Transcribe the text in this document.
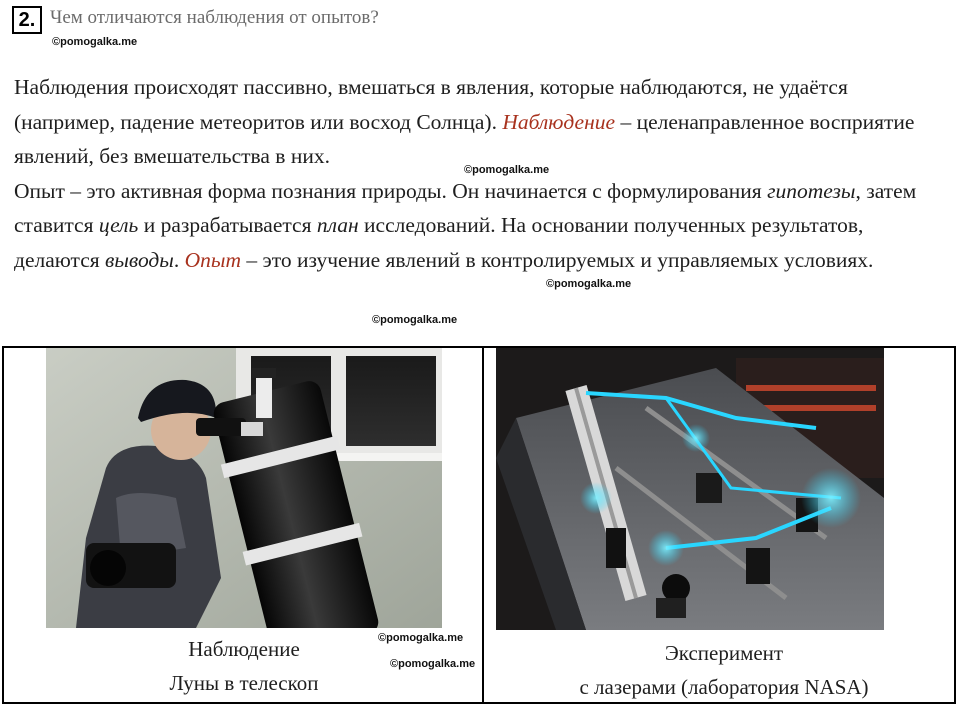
2. Чем отличаются наблюдения от опытов?
©pomogalka.me

Наблюдения происходят пассивно, вмешаться в явления, которые наблюдаются, не удаётся (например, падение метеоритов или восход Солнца). Наблюдение – целенаправленное восприятие явлений, без вмешательства в них.

Опыт – это активная форма познания природы. Он начинается с формулирования гипотезы, затем ставится цель и разрабатывается план исследований. На основании полученных результатов, делаются выводы. Опыт – это изучение явлений в контролируемых и управляемых условиях.

©pomogalka.me
©pomogalka.me
©pomogalka.me
Наблюдение
Луны в телескоп
Эксперимент
с лазерами (лаборатория NASA)
©pomogalka.me
©pomogalka.me
